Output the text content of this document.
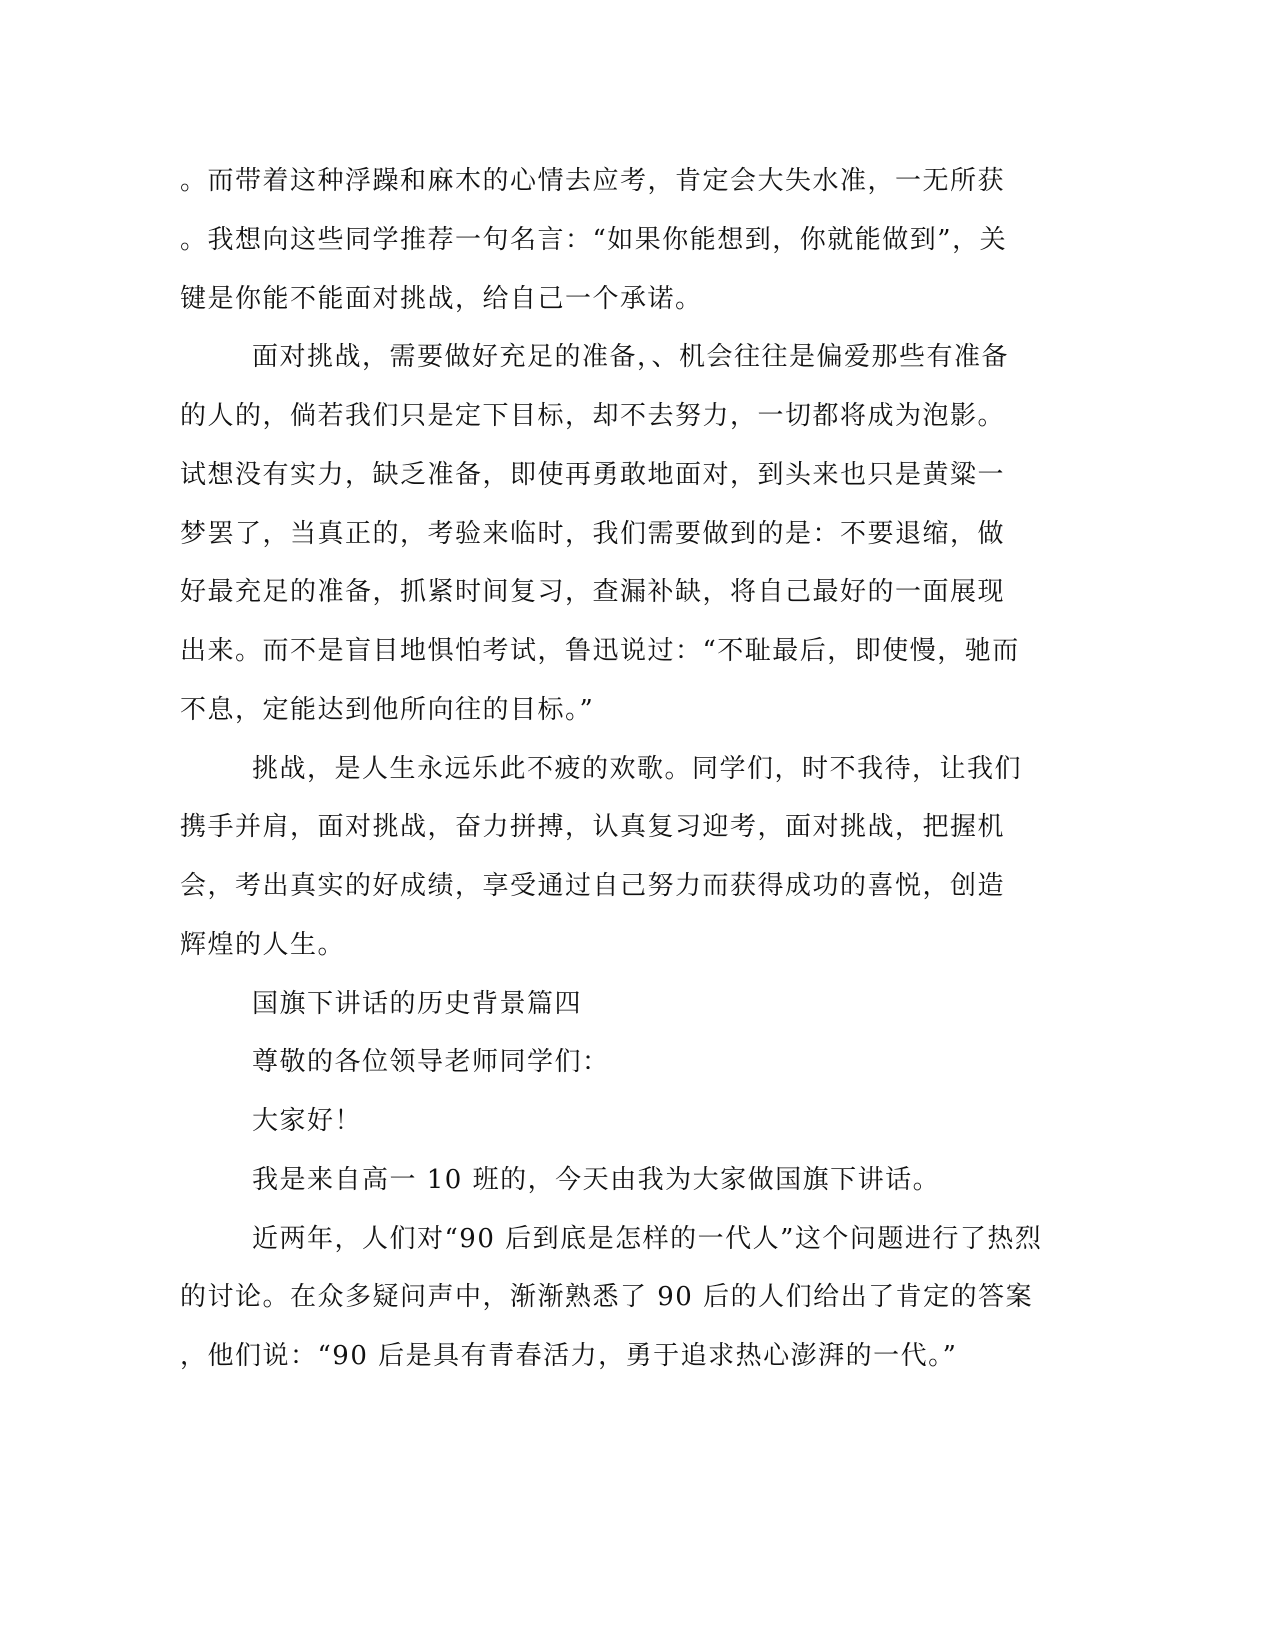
。而带着这种浮躁和麻木的心情去应考，肯定会大失水准，一无所获
。我想向这些同学推荐一句名言：“如果你能想到，你就能做到”，关
键是你能不能面对挑战，给自己一个承诺。
面对挑战，需要做好充足的准备，、机会往往是偏爱那些有准备
的人的，倘若我们只是定下目标，却不去努力，一切都将成为泡影。
试想没有实力，缺乏准备，即使再勇敢地面对，到头来也只是黄粱一
梦罢了，当真正的，考验来临时，我们需要做到的是：不要退缩，做
好最充足的准备，抓紧时间复习，查漏补缺，将自己最好的一面展现
出来。而不是盲目地惧怕考试，鲁迅说过：“不耻最后，即使慢，驰而
不息，定能达到他所向往的目标。”
挑战，是人生永远乐此不疲的欢歌。同学们，时不我待，让我们
携手并肩，面对挑战，奋力拼搏，认真复习迎考，面对挑战，把握机
会，考出真实的好成绩，享受通过自己努力而获得成功的喜悦，创造
辉煌的人生。
国旗下讲话的历史背景篇四
尊敬的各位领导老师同学们：
大家好！
我是来自高一 10 班的，今天由我为大家做国旗下讲话。
近两年，人们对“90 后到底是怎样的一代人”这个问题进行了热烈
的讨论。在众多疑问声中，渐渐熟悉了 90 后的人们给出了肯定的答案
，他们说：“90 后是具有青春活力，勇于追求热心澎湃的一代。”
